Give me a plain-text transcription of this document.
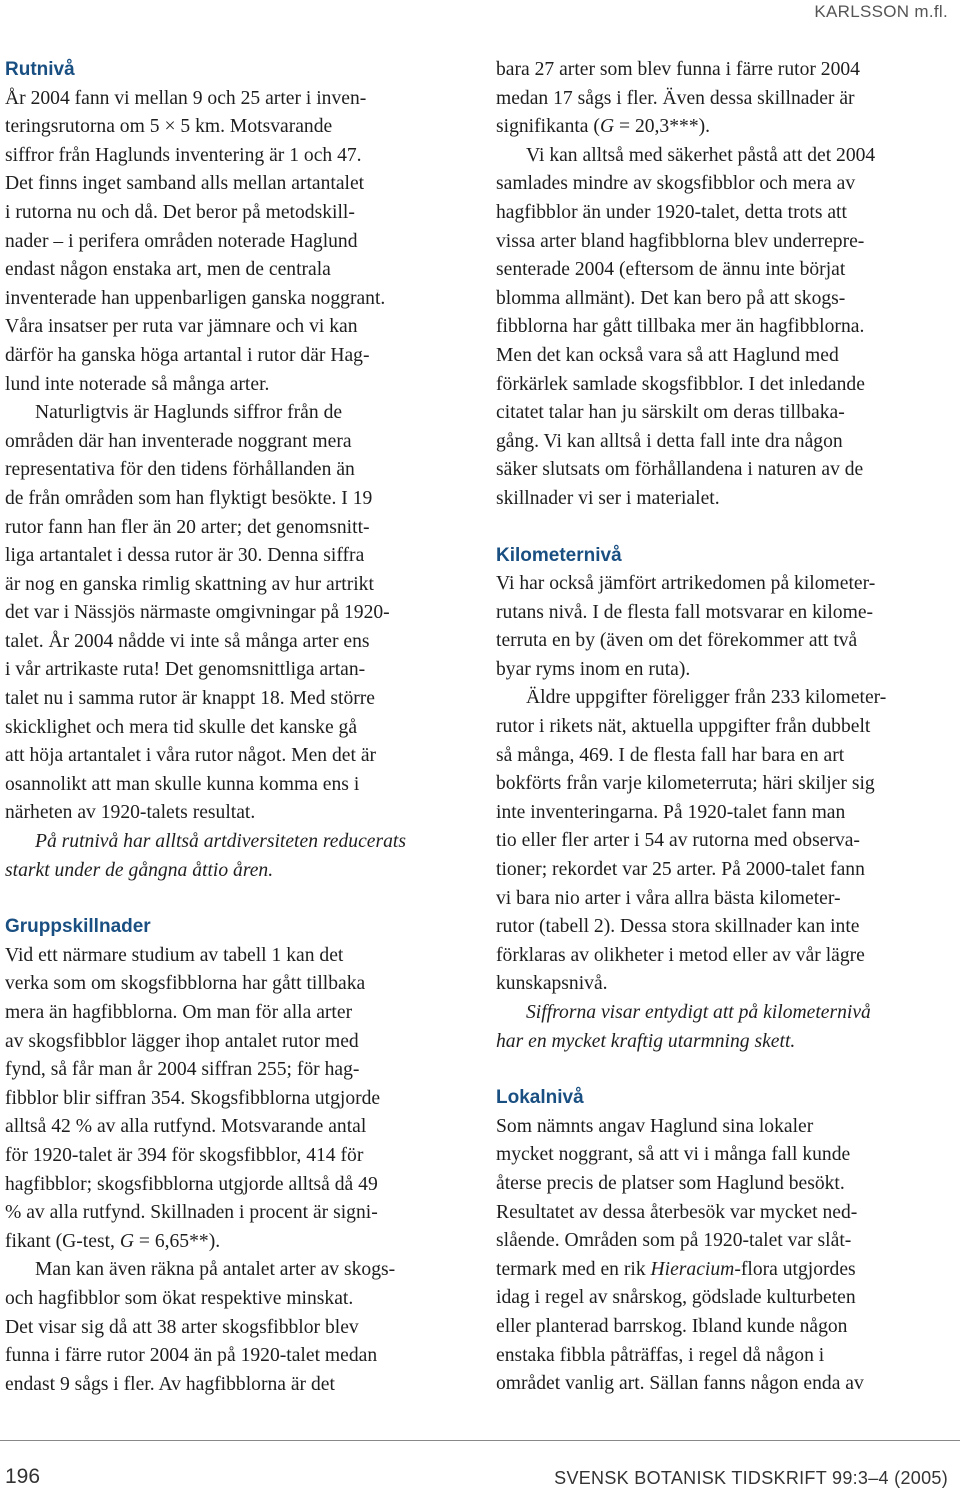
KARLSSON m.fl.
Rutnivå
År 2004 fann vi mellan 9 och 25 arter i inven-
teringsrutorna om 5 × 5 km. Motsvarande
siffror från Haglunds inventering är 1 och 47.
Det finns inget samband alls mellan artantalet
i rutorna nu och då. Det beror på metodskill-
nader – i perifera områden noterade Haglund
endast någon enstaka art, men de centrala
inventerade han uppenbarligen ganska noggrant.
Våra insatser per ruta var jämnare och vi kan
därför ha ganska höga artantal i rutor där Hag-
lund inte noterade så många arter.
Naturligtvis är Haglunds siffror från de
områden där han inventerade noggrant mera
representativa för den tidens förhållanden än
de från områden som han flyktigt besökte. I 19
rutor fann han fler än 20 arter; det genomsnitt-
liga artantalet i dessa rutor är 30. Denna siffra
är nog en ganska rimlig skattning av hur artrikt
det var i Nässjös närmaste omgivningar på 1920-
talet. År 2004 nådde vi inte så många arter ens
i vår artrikaste ruta! Det genomsnittliga artan-
talet nu i samma rutor är knappt 18. Med större
skicklighet och mera tid skulle det kanske gå
att höja artantalet i våra rutor något. Men det är
osannolikt att man skulle kunna komma ens i
närheten av 1920-talets resultat.
På rutnivå har alltså artdiversiteten reducerats
starkt under de gångna åttio åren.
Gruppskillnader
Vid ett närmare studium av tabell 1 kan det
verka som om skogsfibblorna har gått tillbaka
mera än hagfibblorna. Om man för alla arter
av skogsfibblor lägger ihop antalet rutor med
fynd, så får man år 2004 siffran 255; för hag-
fibblor blir siffran 354. Skogsfibblorna utgjorde
alltså 42 % av alla rutfynd. Motsvarande antal
för 1920-talet är 394 för skogsfibblor, 414 för
hagfibblor; skogsfibblorna utgjorde alltså då 49
% av alla rutfynd. Skillnaden i procent är signi-
fikant (G-test, G = 6,65**).
Man kan även räkna på antalet arter av skogs-
och hagfibblor som ökat respektive minskat.
Det visar sig då att 38 arter skogsfibblor blev
funna i färre rutor 2004 än på 1920-talet medan
endast 9 sågs i fler. Av hagfibblorna är det
bara 27 arter som blev funna i färre rutor 2004
medan 17 sågs i fler. Även dessa skillnader är
signifikanta (G = 20,3***).
Vi kan alltså med säkerhet påstå att det 2004
samlades mindre av skogsfibblor och mera av
hagfibblor än under 1920-talet, detta trots att
vissa arter bland hagfibblorna blev underrepre-
senterade 2004 (eftersom de ännu inte börjat
blomma allmänt). Det kan bero på att skogs-
fibblorna har gått tillbaka mer än hagfibblorna.
Men det kan också vara så att Haglund med
förkärlek samlade skogsfibblor. I det inledande
citatet talar han ju särskilt om deras tillbaka-
gång. Vi kan alltså i detta fall inte dra någon
säker slutsats om förhållandena i naturen av de
skillnader vi ser i materialet.
Kilometernivå
Vi har också jämfört artrikedomen på kilometer-
rutans nivå. I de flesta fall motsvarar en kilome-
terruta en by (även om det förekommer att två
byar ryms inom en ruta).
Äldre uppgifter föreligger från 233 kilometer-
rutor i rikets nät, aktuella uppgifter från dubbelt
så många, 469. I de flesta fall har bara en art
bokförts från varje kilometerruta; häri skiljer sig
inte inventeringarna. På 1920-talet fann man
tio eller fler arter i 54 av rutorna med observa-
tioner; rekordet var 25 arter. På 2000-talet fann
vi bara nio arter i våra allra bästa kilometer-
rutor (tabell 2). Dessa stora skillnader kan inte
förklaras av olikheter i metod eller av vår lägre
kunskapsnivå.
Siffrorna visar entydigt att på kilometernivå
har en mycket kraftig utarmning skett.
Lokalnivå
Som nämnts angav Haglund sina lokaler
mycket noggrant, så att vi i många fall kunde
återse precis de platser som Haglund besökt.
Resultatet av dessa återbesök var mycket ned-
slående. Områden som på 1920-talet var slåt-
termark med en rik Hieracium-flora utgjordes
idag i regel av snårskog, gödslade kulturbeten
eller planterad barrskog. Ibland kunde någon
enstaka fibbla påträffas, i regel då någon i
området vanlig art. Sällan fanns någon enda av
196	SVENSK BOTANISK TIDSKRIFT 99:3–4 (2005)
